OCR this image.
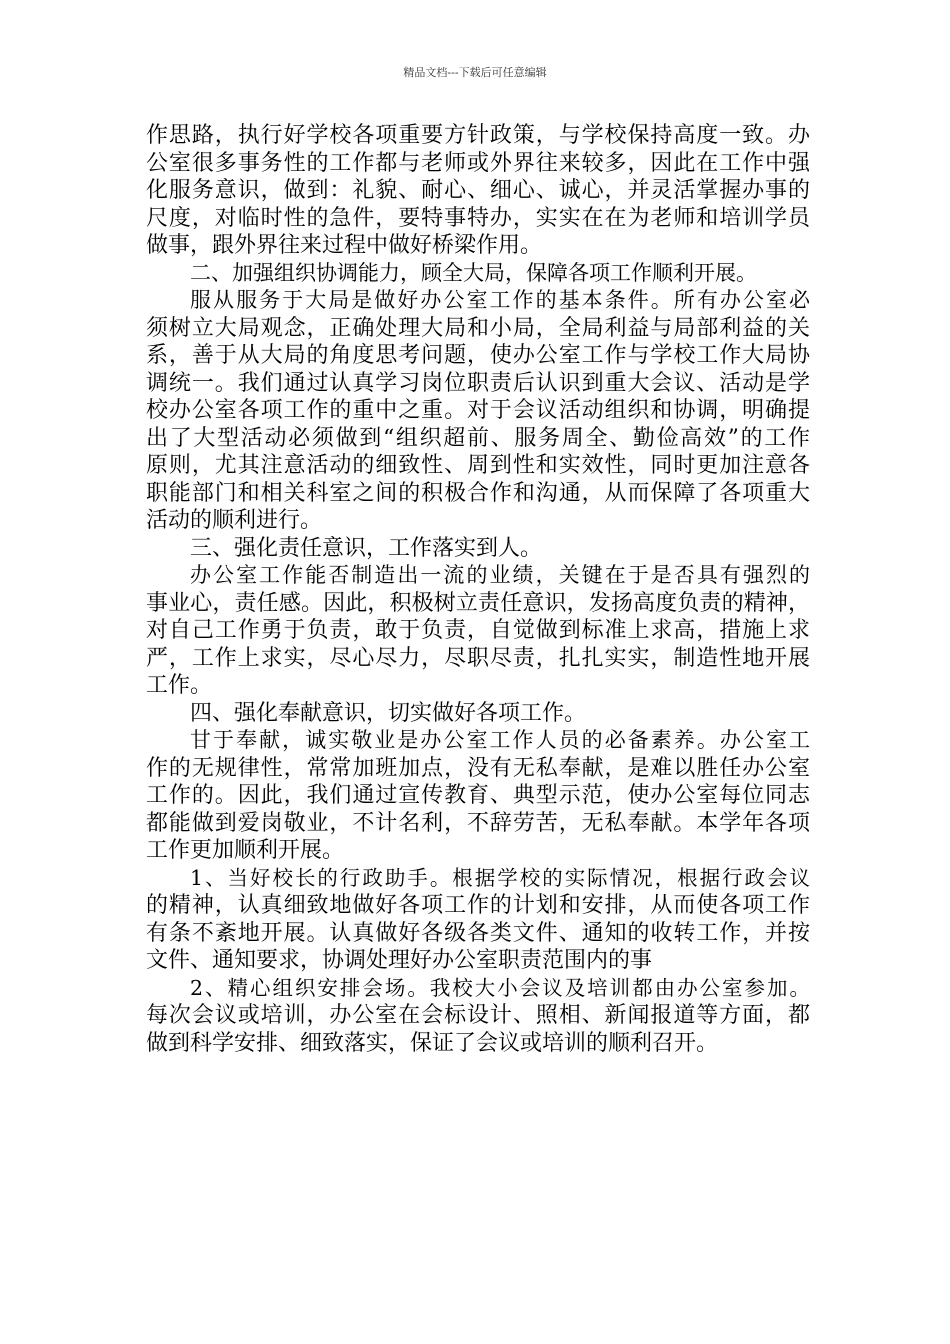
精品文档---下载后可任意编辑
作思路，执行好学校各项重要方针政策，与学校保持高度一致。办
公室很多事务性的工作都与老师或外界往来较多，因此在工作中强
化服务意识，做到：礼貌、耐心、细心、诚心，并灵活掌握办事的
尺度，对临时性的急件，要特事特办，实实在在为老师和培训学员
做事，跟外界往来过程中做好桥梁作用。
二、加强组织协调能力，顾全大局，保障各项工作顺利开展。
服从服务于大局是做好办公室工作的基本条件。所有办公室必
须树立大局观念，正确处理大局和小局，全局利益与局部利益的关
系，善于从大局的角度思考问题，使办公室工作与学校工作大局协
调统一。我们通过认真学习岗位职责后认识到重大会议、活动是学
校办公室各项工作的重中之重。对于会议活动组织和协调，明确提
出了大型活动必须做到“组织超前、服务周全、勤俭高效”的工作
原则，尤其注意活动的细致性、周到性和实效性，同时更加注意各
职能部门和相关科室之间的积极合作和沟通，从而保障了各项重大
活动的顺利进行。
三、强化责任意识，工作落实到人。
办公室工作能否制造出一流的业绩，关键在于是否具有强烈的
事业心，责任感。因此，积极树立责任意识，发扬高度负责的精神，
对自己工作勇于负责，敢于负责，自觉做到标准上求高，措施上求
严，工作上求实，尽心尽力，尽职尽责，扎扎实实，制造性地开展
工作。
四、强化奉献意识，切实做好各项工作。
甘于奉献，诚实敬业是办公室工作人员的必备素养。办公室工
作的无规律性，常常加班加点，没有无私奉献，是难以胜任办公室
工作的。因此，我们通过宣传教育、典型示范，使办公室每位同志
都能做到爱岗敬业，不计名利，不辞劳苦，无私奉献。本学年各项
工作更加顺利开展。
1、当好校长的行政助手。根据学校的实际情况，根据行政会议
的精神，认真细致地做好各项工作的计划和安排，从而使各项工作
有条不紊地开展。认真做好各级各类文件、通知的收转工作，并按
文件、通知要求，协调处理好办公室职责范围内的事
2、精心组织安排会场。我校大小会议及培训都由办公室参加。
每次会议或培训，办公室在会标设计、照相、新闻报道等方面，都
做到科学安排、细致落实，保证了会议或培训的顺利召开。
